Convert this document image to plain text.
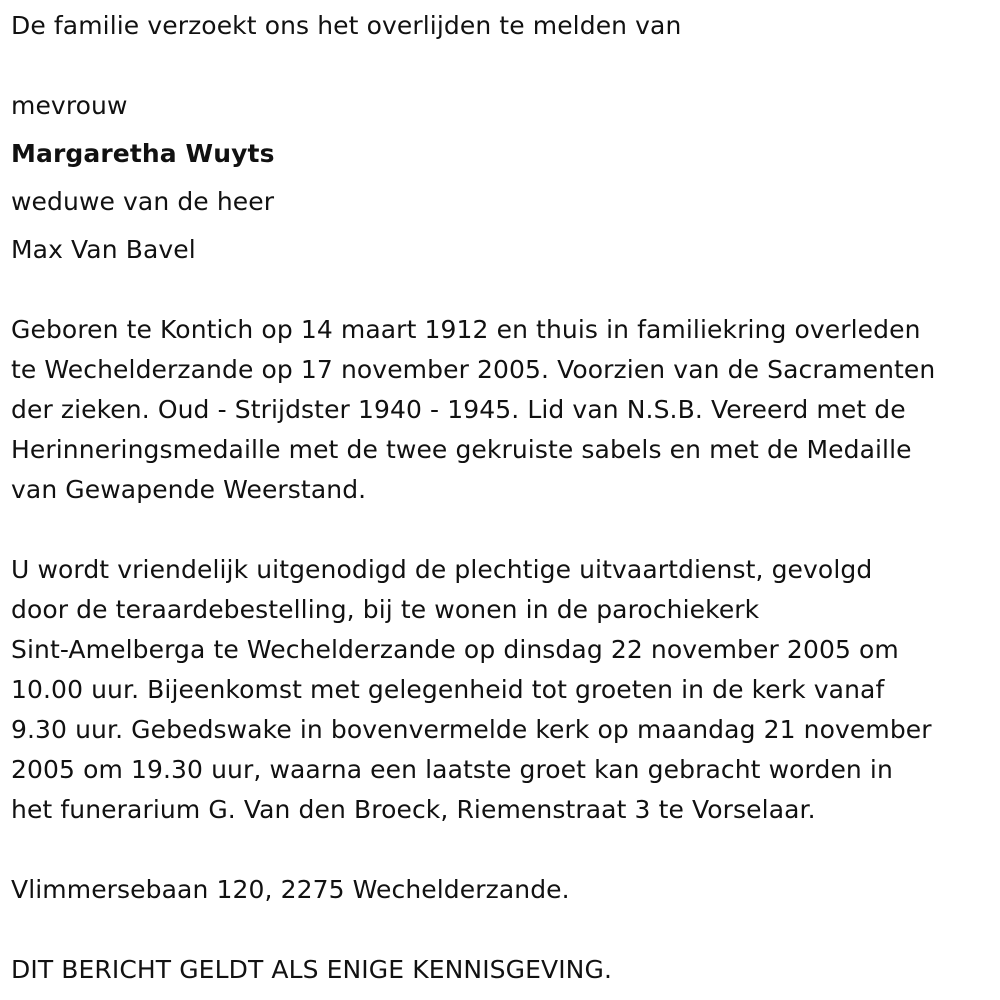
De familie verzoekt ons het overlijden te melden van
mevrouw
Margaretha Wuyts
weduwe van de heer
Max Van Bavel
Geboren te Kontich op 14 maart 1912 en thuis in familiekring overleden
te Wechelderzande op 17 november 2005. Voorzien van de Sacramenten
der zieken. Oud - Strijdster 1940 - 1945. Lid van N.S.B. Vereerd met de
Herinneringsmedaille met de twee gekruiste sabels en met de Medaille
van Gewapende Weerstand.
U wordt vriendelijk uitgenodigd de plechtige uitvaartdienst, gevolgd
door de teraardebestelling, bij te wonen in de parochiekerk
Sint-Amelberga te Wechelderzande op dinsdag 22 november 2005 om
10.00 uur. Bijeenkomst met gelegenheid tot groeten in de kerk vanaf
9.30 uur. Gebedswake in bovenvermelde kerk op maandag 21 november
2005 om 19.30 uur, waarna een laatste groet kan gebracht worden in
het funerarium G. Van den Broeck, Riemenstraat 3 te Vorselaar.
Vlimmersebaan 120, 2275 Wechelderzande.
DIT BERICHT GELDT ALS ENIGE KENNISGEVING.
